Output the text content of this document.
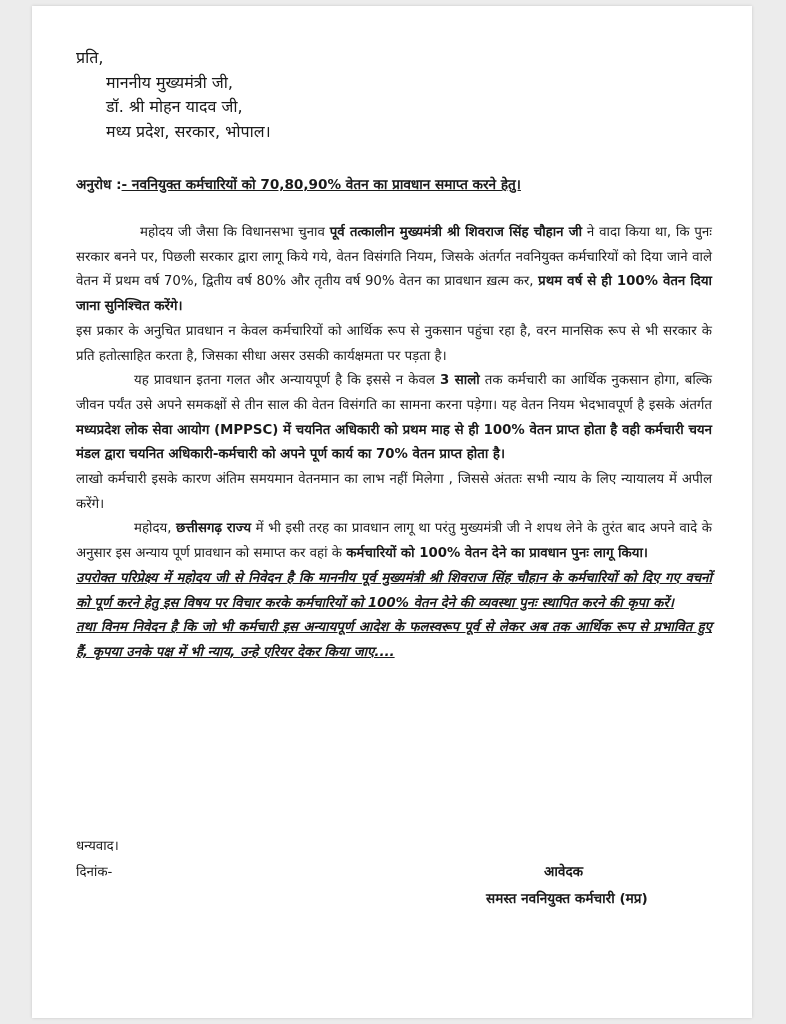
प्रति,
माननीय मुख्यमंत्री जी,
डॉ. श्री मोहन यादव जी,
मध्य प्रदेश, सरकार, भोपाल।
अनुरोध :- नवनियुक्त कर्मचारियों को 70,80,90% वेतन का प्रावधान समाप्त करने हेतु।

महोदय जी जैसा कि विधानसभा चुनाव पूर्व तत्कालीन मुख्यमंत्री श्री शिवराज सिंह चौहान जी ने वादा किया था, कि पुनः सरकार बनने पर, पिछली सरकार द्वारा लागू किये गये, वेतन विसंगति नियम, जिसके अंतर्गत नवनियुक्त कर्मचारियों को दिया जाने वाले वेतन में प्रथम वर्ष 70%, द्वितीय वर्ष 80% और तृतीय वर्ष 90% वेतन का प्रावधान ख़त्म कर, प्रथम वर्ष से ही 100% वेतन दिया जाना सुनिश्चित करेंगे।

इस प्रकार के अनुचित प्रावधान न केवल कर्मचारियों को आर्थिक रूप से नुकसान पहुंचा रहा है, वरन मानसिक रूप से भी सरकार के प्रति हतोत्साहित करता है, जिसका सीधा असर उसकी कार्यक्षमता पर पड़ता है।

यह प्रावधान इतना गलत और अन्यायपूर्ण है कि इससे न केवल 3 सालो तक कर्मचारी का आर्थिक नुकसान होगा, बल्कि जीवन पर्यंत उसे अपने समकक्षों से तीन साल की वेतन विसंगति का सामना करना पड़ेगा। यह वेतन नियम भेदभावपूर्ण है इसके अंतर्गत मध्यप्रदेश लोक सेवा आयोग (MPPSC) में चयनित अधिकारी को प्रथम माह से ही 100% वेतन प्राप्त होता है वही कर्मचारी चयन मंडल द्वारा चयनित अधिकारी-कर्मचारी को अपने पूर्ण कार्य का 70% वेतन प्राप्त होता है।

लाखो कर्मचारी इसके कारण अंतिम समयमान वेतनमान का लाभ नहीं मिलेगा , जिससे अंततः सभी न्याय के लिए न्यायालय में अपील करेंगे।

महोदय, छत्तीसगढ़ राज्य में भी इसी तरह का प्रावधान लागू था परंतु मुख्यमंत्री जी ने शपथ लेने के तुरंत बाद अपने वादे के अनुसार इस अन्याय पूर्ण प्रावधान को समाप्त कर वहां के कर्मचारियों को 100% वेतन देने का प्रावधान पुनः लागू किया।

उपरोक्त परिप्रेक्ष्य में महोदय जी से निवेदन है कि माननीय पूर्व मुख्यमंत्री श्री शिवराज सिंह चौहान के कर्मचारियों को दिए गए वचनों को पूर्ण करने हेतु इस विषय पर विचार करके कर्मचारियों को 100% वेतन देने की व्यवस्था पुनः स्थापित करने की कृपा करें।

तथा विनम निवेदन है कि जो भी कर्मचारी इस अन्यायपूर्ण आदेश के फलस्वरूप पूर्व से लेकर अब तक आर्थिक रूप से प्रभावित हुए हैं, कृपया उनके पक्ष में भी न्याय, उन्हे एरियर देकर किया जाए....

धन्यवाद।
दिनांक-	आवेदक
समस्त नवनियुक्त कर्मचारी (मप्र)
